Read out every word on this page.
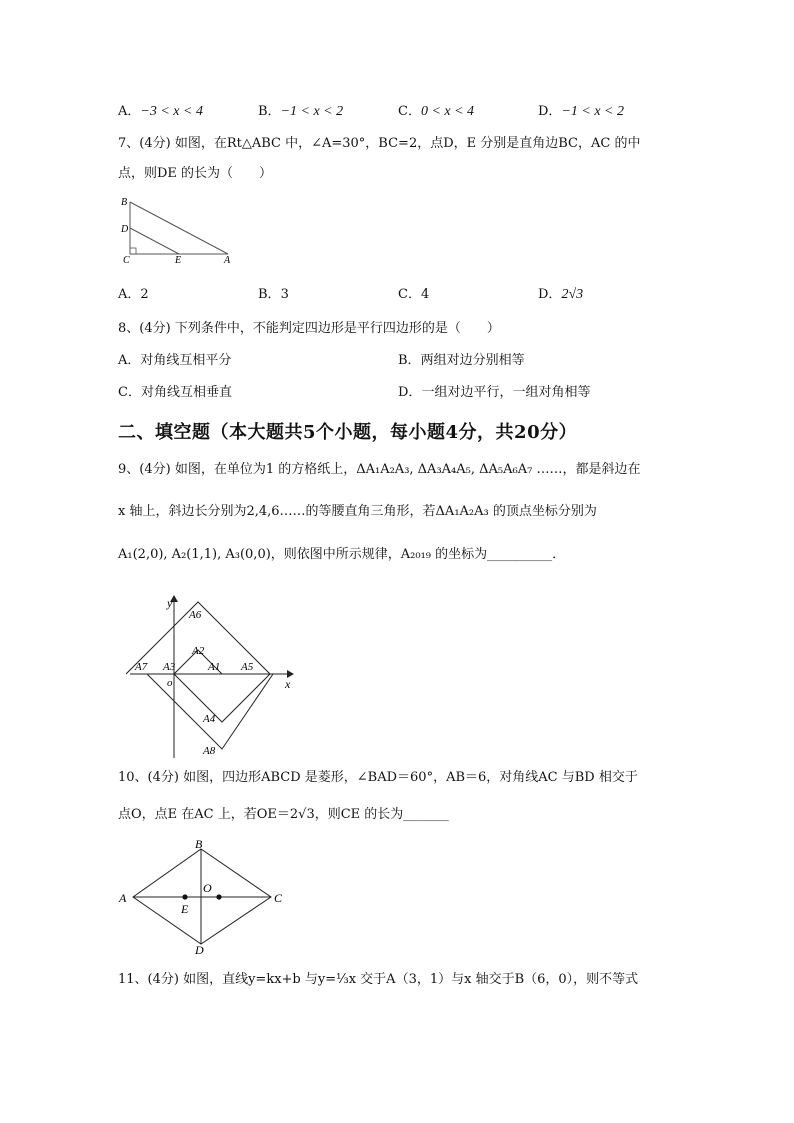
A．−3 < x < 4	B．−1 < x < 2	C．0 < x < 4	D．−1 < x < 2
7、(4分) 如图，在Rt△ABC 中，∠A=30°，BC=2，点D，E 分别是直角边BC，AC 的中
点，则DE 的长为（　　）
B
D
C	E	A
A．2	B．3	C．4	D．2√3
8、(4分) 下列条件中，不能判定四边形是平行四边形的是（　　）
A．对角线互相平分	B．两组对边分别相等
C．对角线互相垂直	D．一组对边平行，一组对角相等
二、填空题（本大题共5个小题，每小题4分，共20分）
9、(4分) 如图，在单位为1 的方格纸上，ΔA₁A₂A₃, ΔA₃A₄A₅, ΔA₅A₆A₇ ……，都是斜边在
x 轴上，斜边长分别为2,4,6……的等腰直角三角形，若ΔA₁A₂A₃ 的顶点坐标分别为
A₁(2,0), A₂(1,1), A₃(0,0)，则依图中所示规律，A₂₀₁₉ 的坐标为__________．
y
x
o
A6
A2
A1
A3
A7	A5
A4
A8
10、(4分) 如图，四边形ABCD 是菱形，∠BAD＝60°，AB＝6，对角线AC 与BD 相交于
点O，点E 在AC 上，若OE＝2√3，则CE 的长为_______
B
A	C
D
O
E
11、(4分) 如图，直线y=kx+b 与y=⅓x 交于A（3，1）与x 轴交于B（6，0），则不等式
